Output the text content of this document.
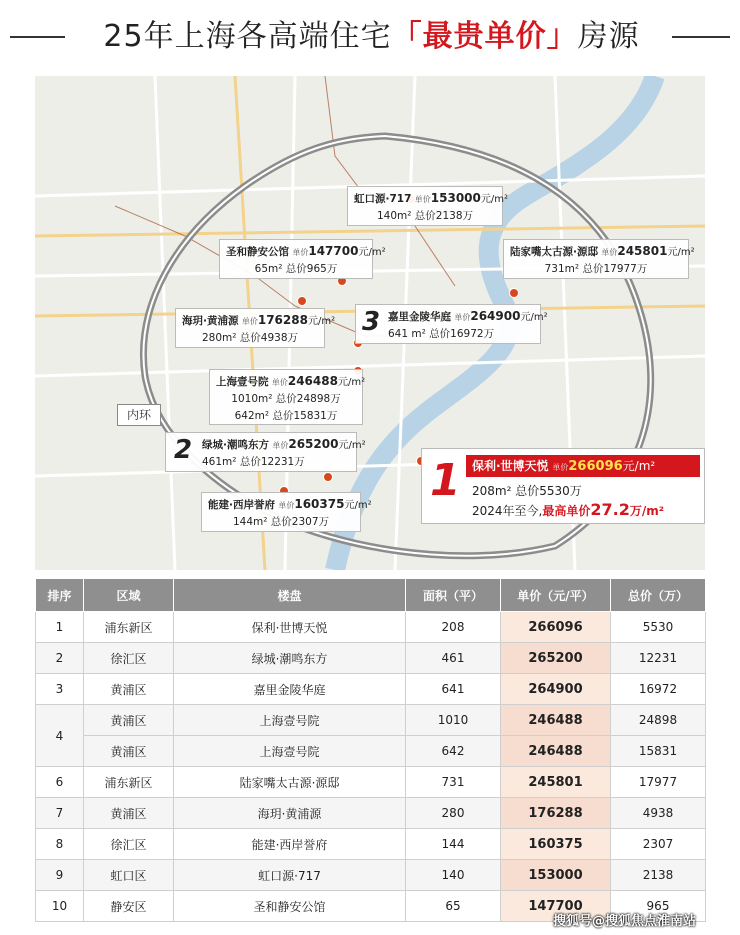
25年上海各高端住宅「最贵单价」房源
内环
虹口源·717 单价153000元/m²
140m² 总价2138万
圣和静安公馆 单价147700元/m²
65m² 总价965万
陆家嘴太古源·源邸 单价245801元/m²
731m² 总价17977万
海玥·黄浦源 单价176288元/m²
280m² 总价4938万
3 嘉里金陵华庭 单价264900元/m²
641 m² 总价16972万
上海壹号院 单价246488元/m²
1010m² 总价24898万
642m² 总价15831万
2 绿城·潮鸣东方 单价265200元/m²
461m² 总价12231万
能建·西岸誉府 单价160375元/m²
144m² 总价2307万
1 保利·世博天悦 单价266096元/m²
208m² 总价5530万
2024年至今,最高单价27.2万/m²
排序	区域	楼盘	面积（平）	单价（元/平）	总价（万）
1	浦东新区	保利·世博天悦	208	266096	5530
2	徐汇区	绿城·潮鸣东方	461	265200	12231
3	黄浦区	嘉里金陵华庭	641	264900	16972
4	黄浦区	上海壹号院	1010	246488	24898
	黄浦区	上海壹号院	642	246488	15831
6	浦东新区	陆家嘴太古源·源邸	731	245801	17977
7	黄浦区	海玥·黄浦源	280	176288	4938
8	徐汇区	能建·西岸誉府	144	160375	2307
9	虹口区	虹口源·717	140	153000	2138
10	静安区	圣和静安公馆	65	147700	965
搜狐号@搜狐焦点淮南站
